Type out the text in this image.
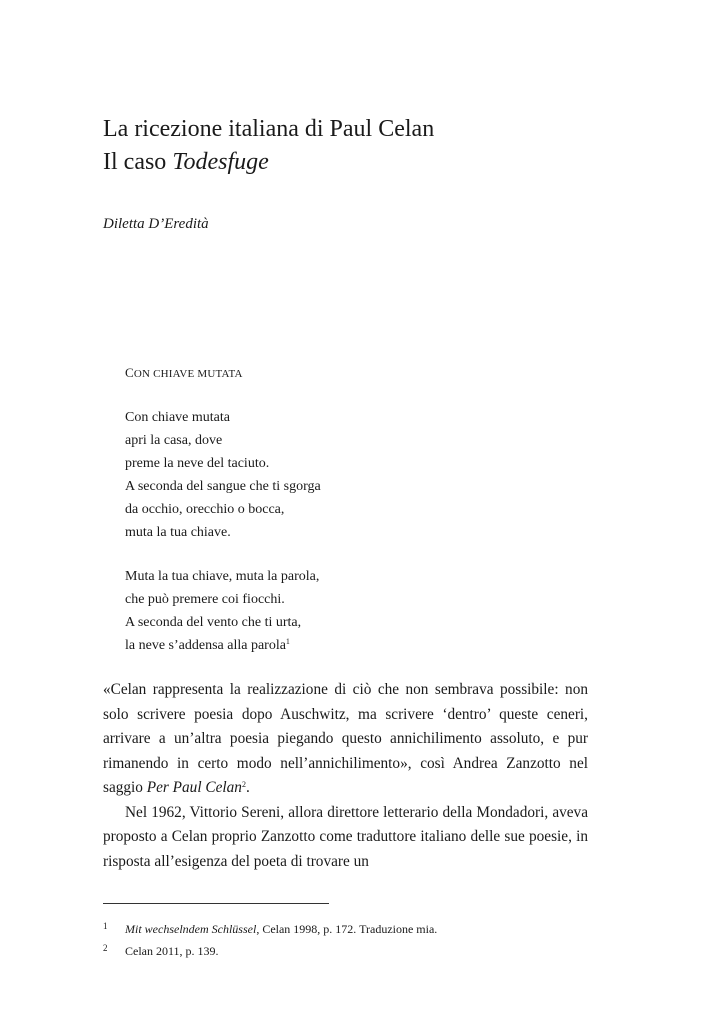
La ricezione italiana di Paul Celan
Il caso Todesfuge
Diletta D’Eredità
CON CHIAVE MUTATA
Con chiave mutata
apri la casa, dove
preme la neve del taciuto.
A seconda del sangue che ti sgorga
da occhio, orecchio o bocca,
muta la tua chiave.
Muta la tua chiave, muta la parola,
che può premere coi fiocchi.
A seconda del vento che ti urta,
la neve s’addensa alla parola$^1$

«Celan rappresenta la realizzazione di ciò che non sembrava possibile: non solo scrivere poesia dopo Auschwitz, ma scrivere ‘dentro’ queste ceneri, arrivare a un’altra poesia piegando questo annichilimento assoluto, e pur rimanendo in certo modo nell’annichilimento», così Andrea Zanzotto nel saggio Per Paul Celan$^2$.

Nel 1962, Vittorio Sereni, allora direttore letterario della Mondadori, aveva proposto a Celan proprio Zanzotto come traduttore italiano delle sue poesie, in risposta all’esigenza del poeta di trovare un

1 Mit wechselndem Schlüssel, Celan 1998, p. 172. Traduzione mia.
2 Celan 2011, p. 139.
